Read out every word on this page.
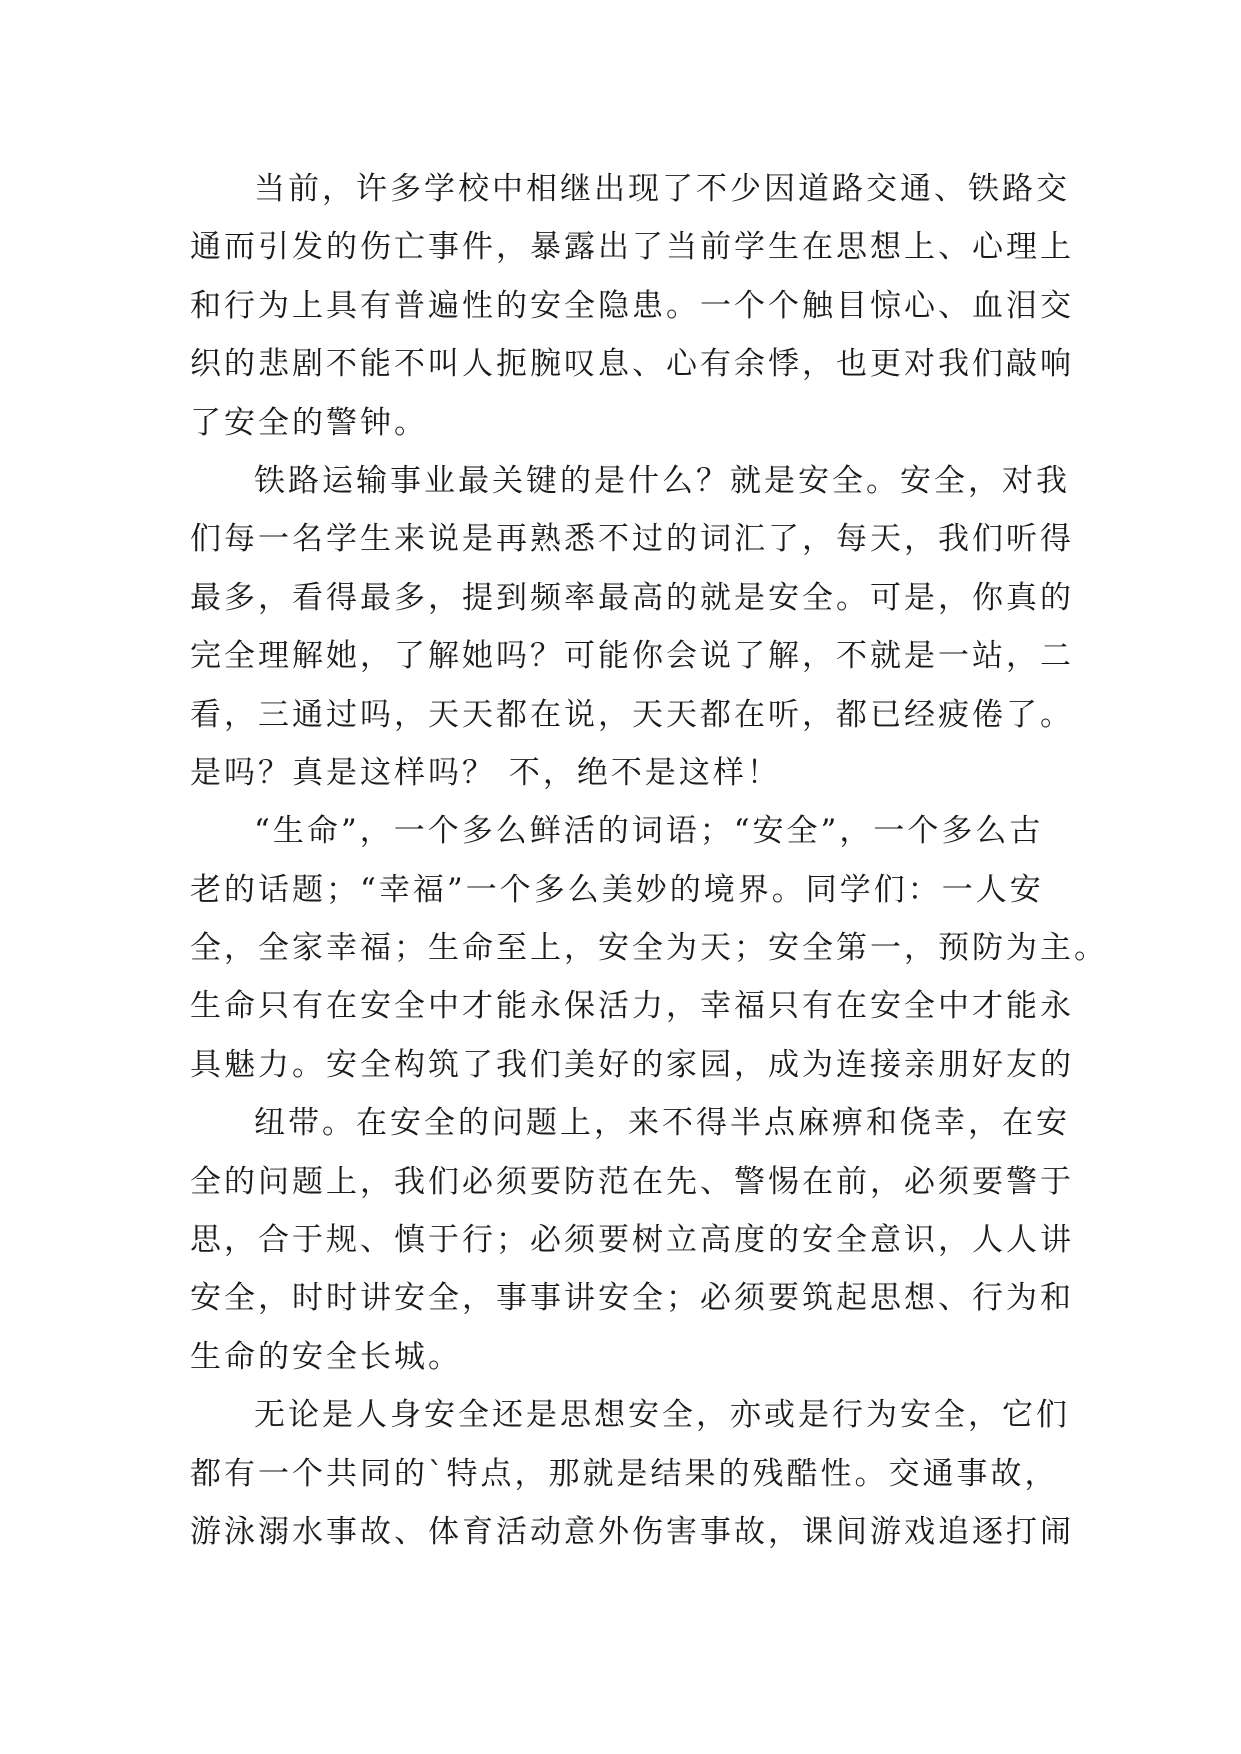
当前，许多学校中相继出现了不少因道路交通、铁路交
通而引发的伤亡事件，暴露出了当前学生在思想上、心理上
和行为上具有普遍性的安全隐患。一个个触目惊心、血泪交
织的悲剧不能不叫人扼腕叹息、心有余悸，也更对我们敲响
了安全的警钟。
铁路运输事业最关键的是什么？就是安全。安全，对我
们每一名学生来说是再熟悉不过的词汇了，每天，我们听得
最多，看得最多，提到频率最高的就是安全。可是，你真的
完全理解她，了解她吗？可能你会说了解，不就是一站，二
看，三通过吗，天天都在说，天天都在听，都已经疲倦了。
是吗？真是这样吗？ 不，绝不是这样！
“生命”，一个多么鲜活的词语；“安全”，一个多么古
老的话题；“幸福”一个多么美妙的境界。同学们：一人安
全，全家幸福；生命至上，安全为天；安全第一，预防为主。
生命只有在安全中才能永保活力，幸福只有在安全中才能永
具魅力。安全构筑了我们美好的家园，成为连接亲朋好友的
纽带。在安全的问题上，来不得半点麻痹和侥幸，在安
全的问题上，我们必须要防范在先、警惕在前，必须要警于
思，合于规、慎于行；必须要树立高度的安全意识，人人讲
安全，时时讲安全，事事讲安全；必须要筑起思想、行为和
生命的安全长城。
无论是人身安全还是思想安全，亦或是行为安全，它们
都有一个共同的`特点，那就是结果的残酷性。交通事故，
游泳溺水事故、体育活动意外伤害事故，课间游戏追逐打闹
